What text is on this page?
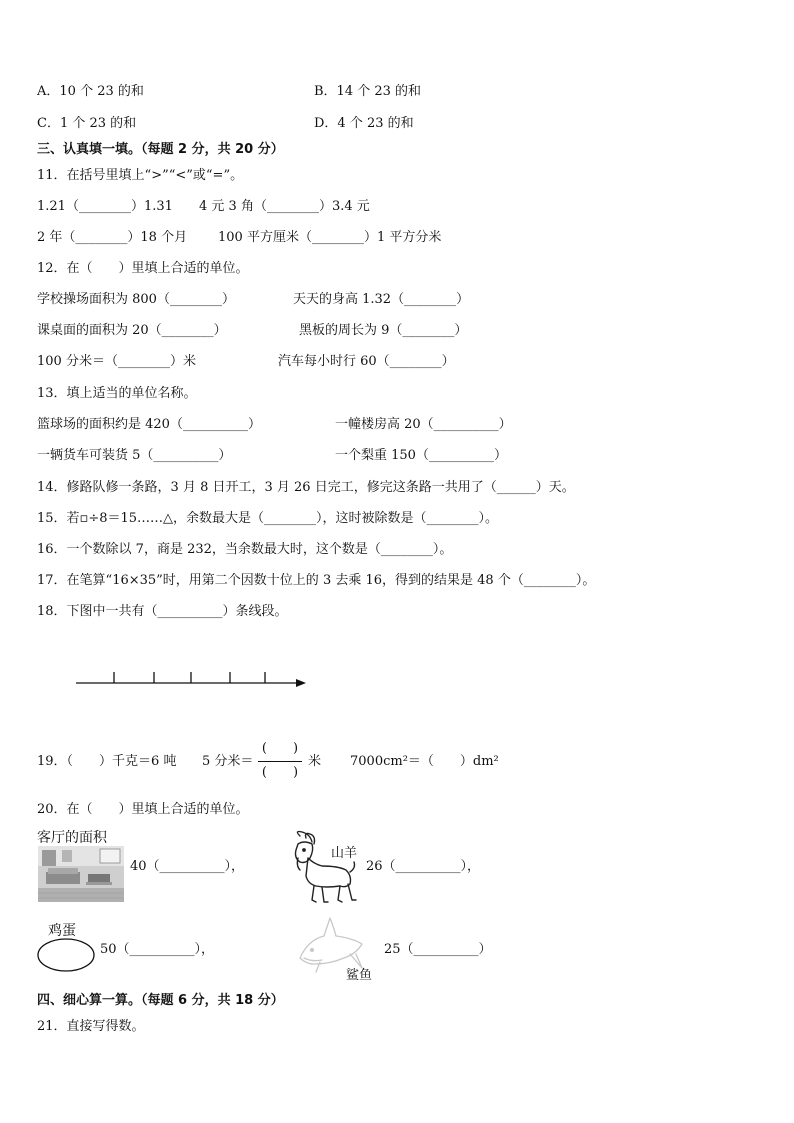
A．10 个 23 的和	B．14 个 23 的和
C．1 个 23 的和	D．4 个 23 的和
三、认真填一填。（每题 2 分，共 20 分）
11．在括号里填上“>”“<”或“=”。
1.21（________）1.31 4 元 3 角（________）3.4 元
2 年（________）18 个月 100 平方厘米（________）1 平方分米
12．在（　　）里填上合适的单位。
学校操场面积为 800（________）	天天的身高 1.32（________）
课桌面的面积为 20（________）	黑板的周长为 9（________）
100 分米＝（________）米	汽车每小时行 60（________）
13．填上适当的单位名称。
篮球场的面积约是 420（__________）	一幢楼房高 20（__________）
一辆货车可装货 5（__________）	一个梨重 150（__________）
14．修路队修一条路，3 月 8 日开工，3 月 26 日完工，修完这条路一共用了（______）天。
15．若▫÷8＝15……△，余数最大是（________），这时被除数是（________）。
16．一个数除以 7，商是 232，当余数最大时，这个数是（________）。
17．在笔算“16×35”时，用第二个因数十位上的 3 去乘 16，得到的结果是 48 个（________）。
18．下图中一共有（__________）条线段。
19．（　　）千克＝6 吨 5 分米＝
(　　)
(　　)
米 7000cm²＝（　　）dm²
20．在（　　）里填上合适的单位。
客厅的面积
40（__________），
山羊
26（__________），
鸡蛋
50（__________），
鲨鱼
25（__________）
四、细心算一算。（每题 6 分，共 18 分）
21．直接写得数。
